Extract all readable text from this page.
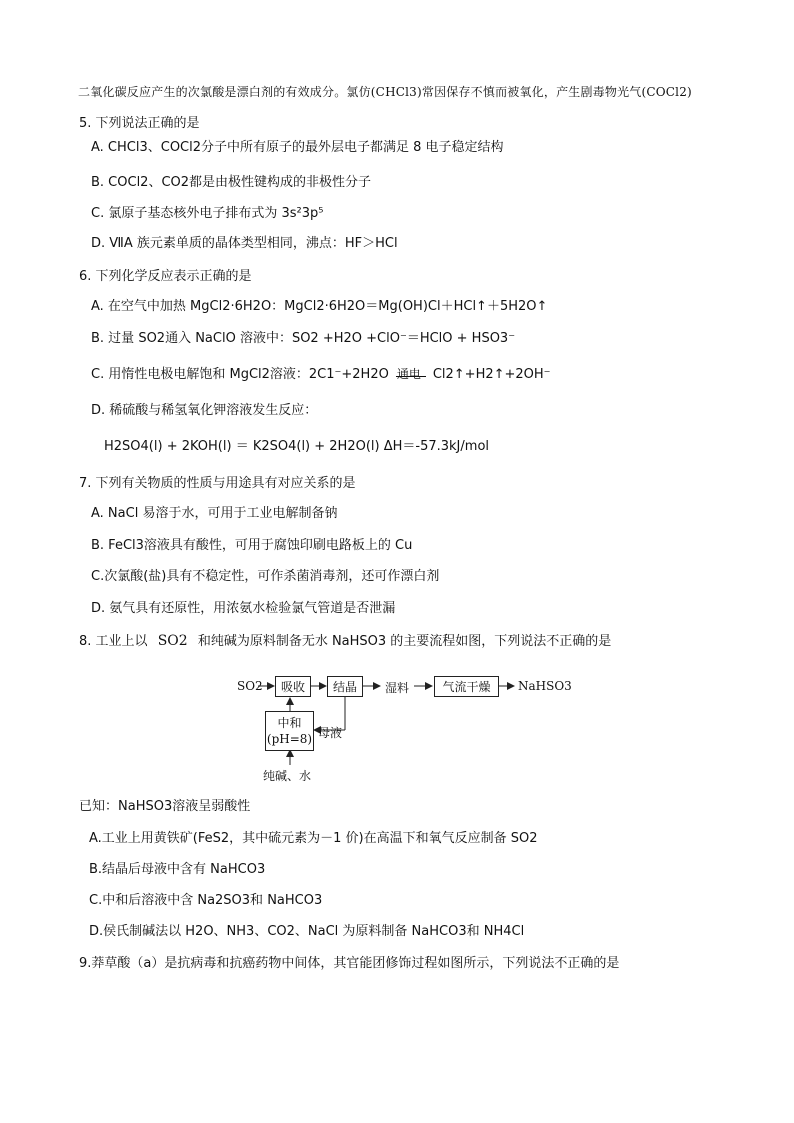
二氧化碳反应产生的次氯酸是漂白剂的有效成分。氯仿(CHCl3)常因保存不慎而被氧化，产生剧毒物光气(COCl2)
5. 下列说法正确的是
A. CHCl3、COCl2分子中所有原子的最外层电子都满足 8 电子稳定结构
B. COCl2、CO2都是由极性键构成的非极性分子
C. 氯原子基态核外电子排布式为 3s²3p⁵
D. ⅦA 族元素单质的晶体类型相同，沸点：HF＞HCl
6. 下列化学反应表示正确的是
A. 在空气中加热 MgCl2·6H2O：MgCl2·6H2O＝Mg(OH)Cl＋HCl↑＋5H2O↑
B. 过量 SO2通入 NaClO 溶液中：SO2 +H2O +ClO⁻＝HClO + HSO3⁻
C. 用惰性电极电解饱和 MgCl2溶液：2C1⁻+2H2O 通电 Cl2↑+H2↑+2OH⁻
D. 稀硫酸与稀氢氧化钾溶液发生反应：
H2SO4(l) + 2KOH(l) ＝ K2SO4(l) + 2H2O(l) ΔH＝-57.3kJ/mol
7. 下列有关物质的性质与用途具有对应关系的是
A. NaCl 易溶于水，可用于工业电解制备钠
B. FeCl3溶液具有酸性，可用于腐蚀印刷电路板上的 Cu
C.次氯酸(盐)具有不稳定性，可作杀菌消毒剂，还可作漂白剂
D. 氨气具有还原性，用浓氨水检验氯气管道是否泄漏
8. 工业上以 SO2 和纯碱为原料制备无水 NaHSO3 的主要流程如图，下列说法不正确的是
SO2 吸收 结晶 湿料	气流干燥 NaHSO3
中和
(pH=8) 母液
纯碱、水
已知：NaHSO3溶液呈弱酸性
A.工业上用黄铁矿(FeS2，其中硫元素为－1 价)在高温下和氧气反应制备 SO2
B.结晶后母液中含有 NaHCO3
C.中和后溶液中含 Na2SO3和 NaHCO3
D.侯氏制碱法以 H2O、NH3、CO2、NaCl 为原料制备 NaHCO3和 NH4Cl
9.莽草酸（a）是抗病毒和抗癌药物中间体，其官能团修饰过程如图所示，下列说法不正确的是
